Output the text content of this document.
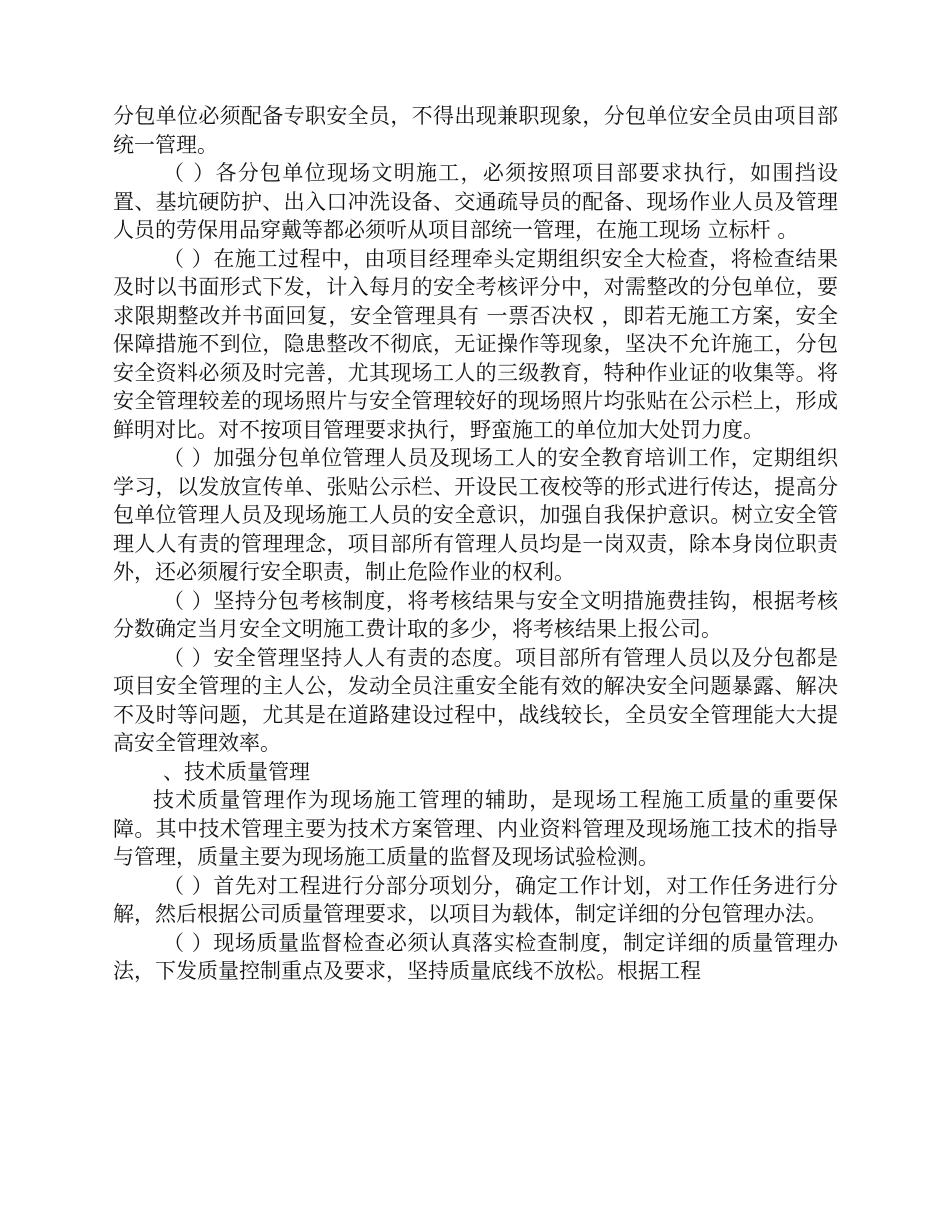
分包单位必须配备专职安全员，不得出现兼职现象，分包单位安全员由项目部统一管理。

（ ）各分包单位现场文明施工，必须按照项目部要求执行，如围挡设置、基坑硬防护、出入口冲洗设备、交通疏导员的配备、现场作业人员及管理人员的劳保用品穿戴等都必须听从项目部统一管理，在施工现场 立标杆 。

（ ）在施工过程中，由项目经理牵头定期组织安全大检查，将检查结果及时以书面形式下发，计入每月的安全考核评分中，对需整改的分包单位，要求限期整改并书面回复，安全管理具有 一票否决权 ，即若无施工方案，安全保障措施不到位，隐患整改不彻底，无证操作等现象，坚决不允许施工，分包安全资料必须及时完善，尤其现场工人的三级教育，特种作业证的收集等。将安全管理较差的现场照片与安全管理较好的现场照片均张贴在公示栏上，形成鲜明对比。对不按项目管理要求执行，野蛮施工的单位加大处罚力度。

（ ）加强分包单位管理人员及现场工人的安全教育培训工作，定期组织学习，以发放宣传单、张贴公示栏、开设民工夜校等的形式进行传达，提高分包单位管理人员及现场施工人员的安全意识，加强自我保护意识。树立安全管理人人有责的管理理念，项目部所有管理人员均是一岗双责，除本身岗位职责外，还必须履行安全职责，制止危险作业的权利。

（ ）坚持分包考核制度，将考核结果与安全文明措施费挂钩，根据考核分数确定当月安全文明施工费计取的多少，将考核结果上报公司。

（ ）安全管理坚持人人有责的态度。项目部所有管理人员以及分包都是项目安全管理的主人公，发动全员注重安全能有效的解决安全问题暴露、解决不及时等问题，尤其是在道路建设过程中，战线较长，全员安全管理能大大提高安全管理效率。

、技术质量管理

技术质量管理作为现场施工管理的辅助，是现场工程施工质量的重要保障。其中技术管理主要为技术方案管理、内业资料管理及现场施工技术的指导与管理，质量主要为现场施工质量的监督及现场试验检测。

（ ）首先对工程进行分部分项划分，确定工作计划，对工作任务进行分解，然后根据公司质量管理要求，以项目为载体，制定详细的分包管理办法。

（ ）现场质量监督检查必须认真落实检查制度，制定详细的质量管理办法，下发质量控制重点及要求，坚持质量底线不放松。根据工程
